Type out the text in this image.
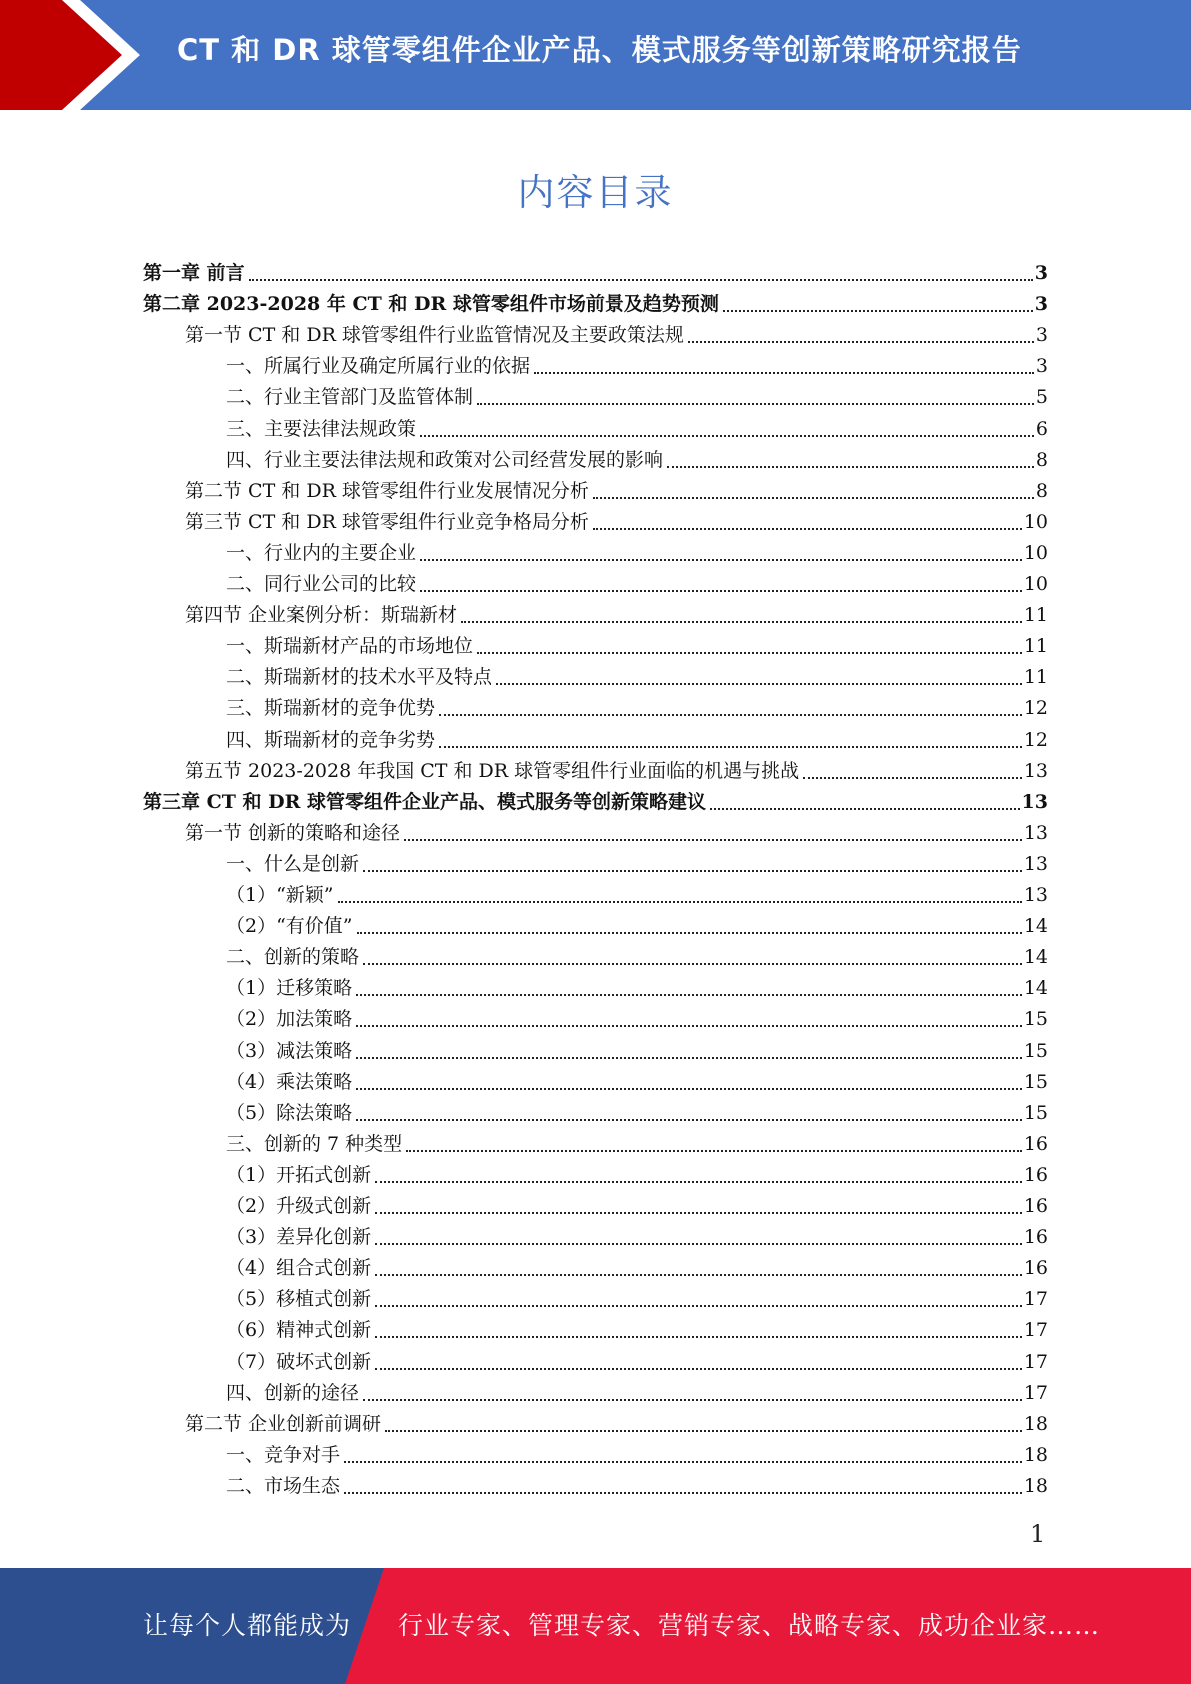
CT 和 DR 球管零组件企业产品、模式服务等创新策略研究报告
内容目录
第一章 前言	3
第二章 2023-2028 年 CT 和 DR 球管零组件市场前景及趋势预测	3
第一节 CT 和 DR 球管零组件行业监管情况及主要政策法规	3
一、所属行业及确定所属行业的依据	3
二、行业主管部门及监管体制	5
三、主要法律法规政策	6
四、行业主要法律法规和政策对公司经营发展的影响	8
第二节 CT 和 DR 球管零组件行业发展情况分析	8
第三节 CT 和 DR 球管零组件行业竞争格局分析	10
一、行业内的主要企业	10
二、同行业公司的比较	10
第四节 企业案例分析：斯瑞新材	11
一、斯瑞新材产品的市场地位	11
二、斯瑞新材的技术水平及特点	11
三、斯瑞新材的竞争优势	12
四、斯瑞新材的竞争劣势	12
第五节 2023-2028 年我国 CT 和 DR 球管零组件行业面临的机遇与挑战	13
第三章 CT 和 DR 球管零组件企业产品、模式服务等创新策略建议	13
第一节 创新的策略和途径	13
一、什么是创新	13
（1）“新颖”	13
（2）“有价值”	14
二、创新的策略	14
（1）迁移策略	14
（2）加法策略	15
（3）减法策略	15
（4）乘法策略	15
（5）除法策略	15
三、创新的 7 种类型	16
（1）开拓式创新	16
（2）升级式创新	16
（3）差异化创新	16
（4）组合式创新	16
（5）移植式创新	17
（6）精神式创新	17
（7）破坏式创新	17
四、创新的途径	17
第二节 企业创新前调研	18
一、竞争对手	18
二、市场生态	18
1
让每个人都能成为 行业专家、管理专家、营销专家、战略专家、成功企业家……
